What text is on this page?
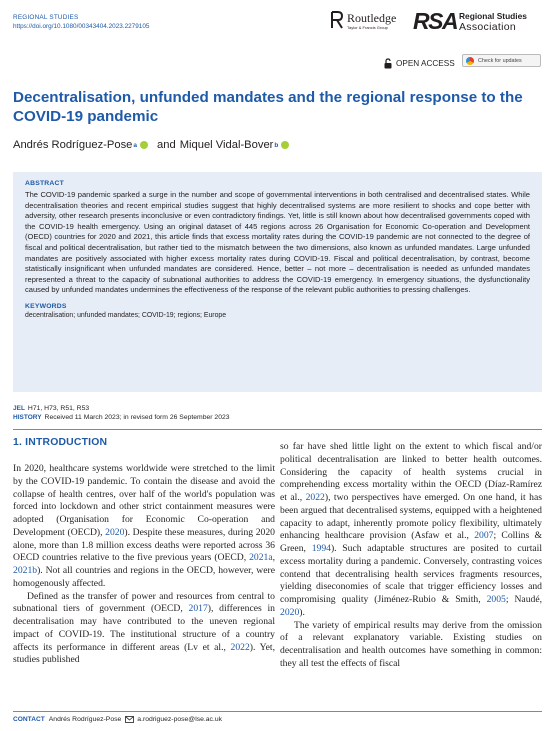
REGIONAL STUDIES
https://doi.org/10.1080/00343404.2023.2279105
Routledge
Taylor & Francis Group RSA Regional Studies
Association
OPEN ACCESS	Check for updates
Decentralisation, unfunded mandates and the regional response to the COVID-19 pandemic
Andrés Rodríguez-Pose a and Miquel Vidal-Bover b
ABSTRACT
The COVID-19 pandemic sparked a surge in the number and scope of governmental interventions in both centralised and decentralised states. While decentralisation theories and recent empirical studies suggest that highly decentralised systems are more resilient to shocks and cope better with adversity, other research presents inconclusive or even contradictory findings. Yet, little is still known about how decentralised governments coped with the COVID-19 health emergency. Using an original dataset of 445 regions across 26 Organisation for Economic Co-operation and Development (OECD) countries for 2020 and 2021, this article finds that excess mortality rates during the COVID-19 pandemic are not connected to the degree of fiscal and political decentralisation, but rather tied to the mismatch between the two dimensions, also known as unfunded mandates. Large unfunded mandates are positively associated with higher excess mortality rates during COVID-19. Fiscal and political decentralisation, by contrast, become statistically insignificant when unfunded mandates are considered. Hence, better – not more – decentralisation is needed as unfunded mandates represented a threat to the capacity of subnational authorities to address the COVID-19 emergency. In emergency situations, the dysfunctionality caused by unfunded mandates undermines the effectiveness of the response of the relevant public authorities to pressing challenges.
KEYWORDS
decentralisation; unfunded mandates; COVID-19; regions; Europe
JEL H71, H73, R51, R53
HISTORY Received 11 March 2023; in revised form 26 September 2023
1. INTRODUCTION

In 2020, healthcare systems worldwide were stretched to the limit by the COVID-19 pandemic. To contain the disease and avoid the collapse of health centres, over half of the world's population was forced into lockdown and other strict containment measures were adopted (Organisation for Economic Co-operation and Development (OECD), 2020). Despite these measures, during 2020 alone, more than 1.8 million excess deaths were reported across 36 OECD countries relative to the five previous years (OECD, 2021a, 2021b). Not all countries and regions in the OECD, however, were homogenously affected.

Defined as the transfer of power and resources from central to subnational tiers of government (OECD, 2017), differences in decentralisation may have contributed to the uneven regional impact of COVID-19. The institutional structure of a country affects its performance in different areas (Lv et al., 2022). Yet, studies published

so far have shed little light on the extent to which fiscal and/or political decentralisation are linked to better health outcomes. Considering the capacity of health systems crucial in comprehending excess mortality within the OECD (Díaz-Ramírez et al., 2022), two perspectives have emerged. On one hand, it has been argued that decentralised systems, equipped with a heightened capacity to adapt, inherently promote policy flexibility, ultimately enhancing healthcare provision (Asfaw et al., 2007; Collins & Green, 1994). Such adaptable structures are posited to curtail excess mortality during a pandemic. Conversely, contrasting voices contend that decentralising health services fragments resources, yielding diseconomies of scale that trigger efficiency losses and compromising quality (Jiménez-Rubio & Smith, 2005; Naudé, 2020).

The variety of empirical results may derive from the omission of a relevant explanatory variable. Existing studies on decentralisation and health outcomes have something in common: they all test the effects of fiscal

CONTACT Andrés Rodríguez-Pose a.rodriguez-pose@lse.ac.uk
